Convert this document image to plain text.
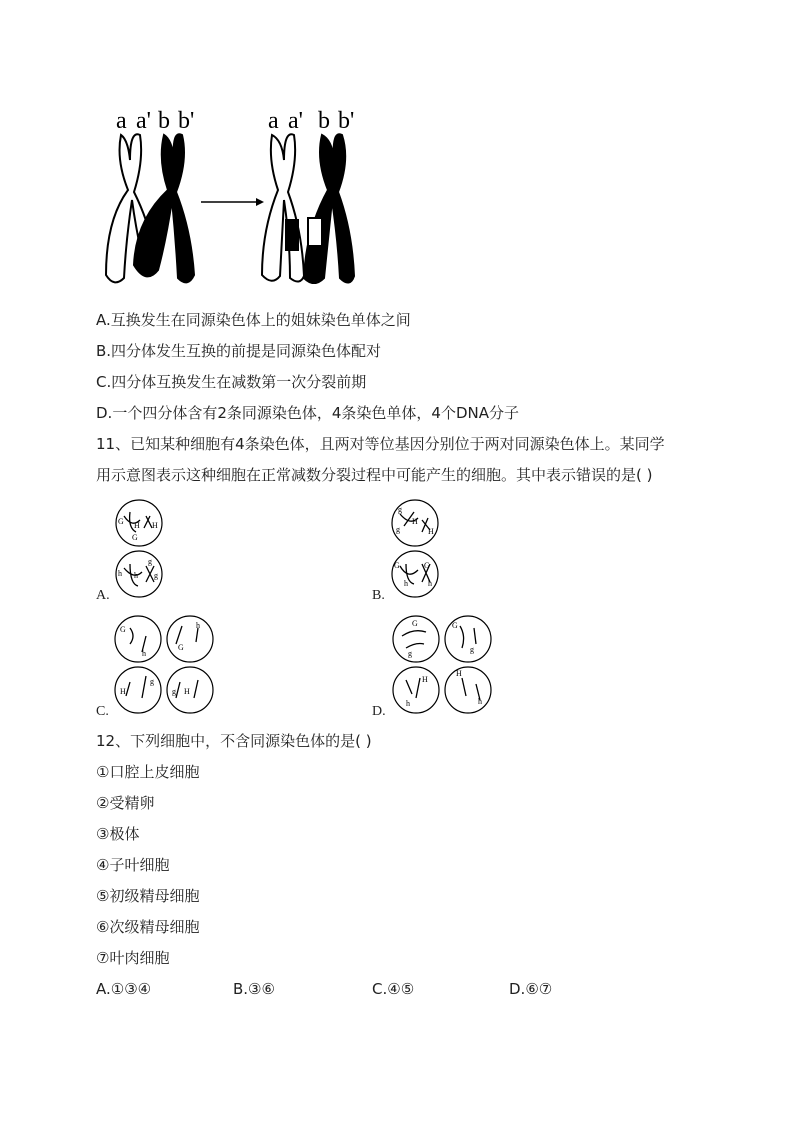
a a' b b'	a a' b b'
A.互换发生在同源染色体上的姐妹染色单体之间
B.四分体发生互换的前提是同源染色体配对
C.四分体互换发生在减数第一次分裂前期
D.一个四分体含有2条同源染色体，4条染色单体，4个DNA分子
11、已知某种细胞有4条染色体，且两对等位基因分别位于两对同源染色体上。某同学
用示意图表示这种细胞在正常减数分裂过程中可能产生的细胞。其中表示错误的是( )
G H
G
H
h
g
h g
A.
g
g
H
H
G	G
h	h
B.
G
h
h
G
H
g
g H
C.
G
g
G
g
H
h
H
h
D.
12、下列细胞中，不含同源染色体的是( )
①口腔上皮细胞
②受精卵
③极体
④子叶细胞
⑤初级精母细胞
⑥次级精母细胞
⑦叶肉细胞
A.①③④	B.③⑥	C.④⑤	D.⑥⑦
